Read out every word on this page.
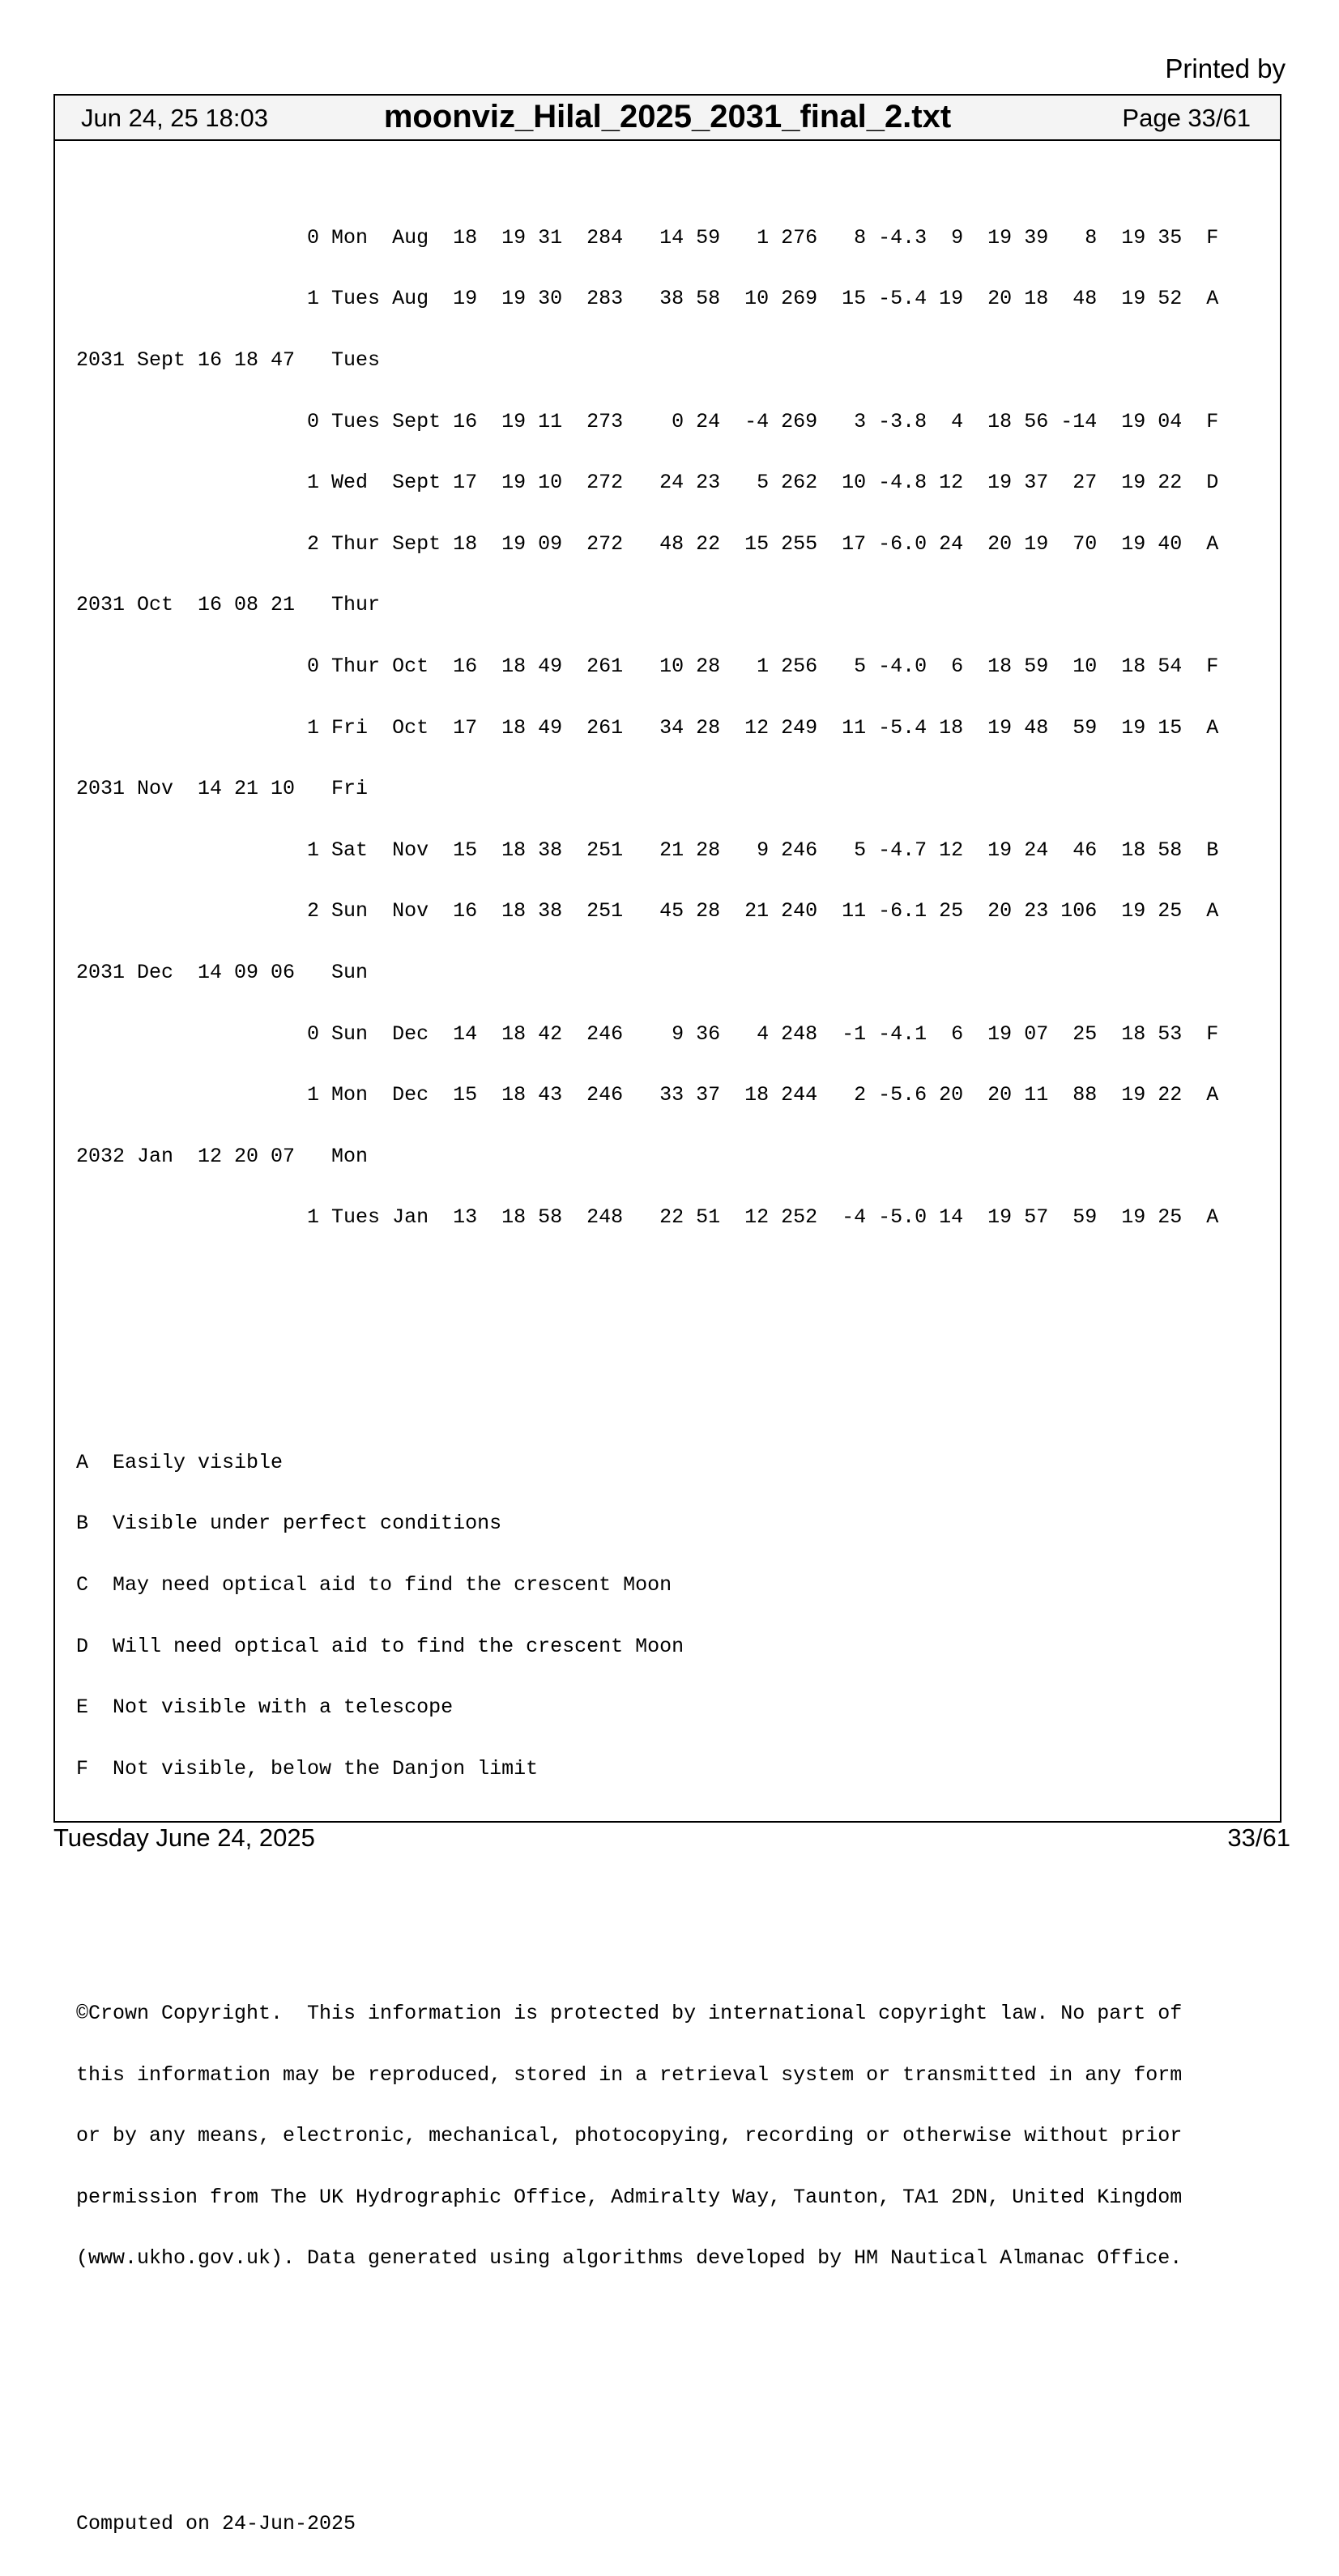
Printed by
Jun 24, 25 18:03	moonviz_Hilal_2025_2031_final_2.txt	Page 33/61

0 Mon  Aug  18  19 31  284   14 59   1 276   8 -4.3  9  19 39   8  19 35  F

1 Tues Aug  19  19 30  283   38 58  10 269  15 -5.4 19  20 18  48  19 52  A

2031 Sept 16 18 47   Tues

0 Tues Sept 16  19 11  273    0 24  -4 269   3 -3.8  4  18 56 -14  19 04  F

1 Wed  Sept 17  19 10  272   24 23   5 262  10 -4.8 12  19 37  27  19 22  D

2 Thur Sept 18  19 09  272   48 22  15 255  17 -6.0 24  20 19  70  19 40  A

2031 Oct  16 08 21   Thur

0 Thur Oct  16  18 49  261   10 28   1 256   5 -4.0  6  18 59  10  18 54  F

1 Fri  Oct  17  18 49  261   34 28  12 249  11 -5.4 18  19 48  59  19 15  A

2031 Nov  14 21 10   Fri

1 Sat  Nov  15  18 38  251   21 28   9 246   5 -4.7 12  19 24  46  18 58  B

2 Sun  Nov  16  18 38  251   45 28  21 240  11 -6.1 25  20 23 106  19 25  A

2031 Dec  14 09 06   Sun

0 Sun  Dec  14  18 42  246    9 36   4 248  -1 -4.1  6  19 07  25  18 53  F

1 Mon  Dec  15  18 43  246   33 37  18 244   2 -5.6 20  20 11  88  19 22  A

2032 Jan  12 20 07   Mon

1 Tues Jan  13  18 58  248   22 51  12 252  -4 -5.0 14  19 57  59  19 25  A

A  Easily visible

B  Visible under perfect conditions

C  May need optical aid to find the crescent Moon

D  Will need optical aid to find the crescent Moon

E  Not visible with a telescope

F  Not visible, below the Danjon limit

©Crown Copyright.  This information is protected by international copyright law. No part of

this information may be reproduced, stored in a retrieval system or transmitted in any form

or by any means, electronic, mechanical, photocopying, recording or otherwise without prior

permission from The UK Hydrographic Office, Admiralty Way, Taunton, TA1 2DN, United Kingdom

(www.ukho.gov.uk). Data generated using algorithms developed by HM Nautical Almanac Office.

Computed on 24-Jun-2025

Tuesday June 24, 2025	33/61
